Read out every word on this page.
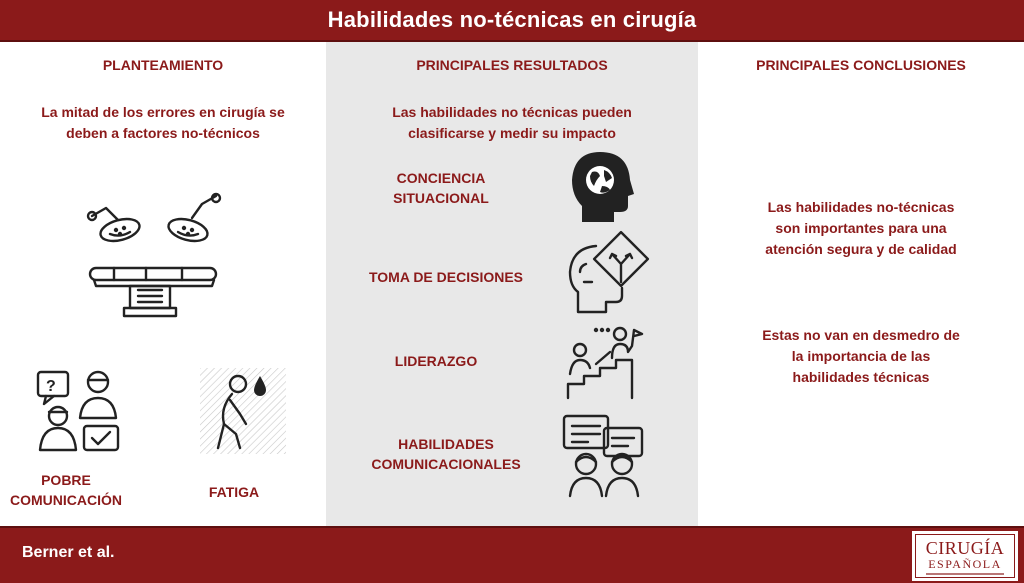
Habilidades no-técnicas en cirugía
PLANTEAMIENTO
La mitad de los errores en cirugía se
deben a factores no-técnicos
?
POBRE
COMUNICACIÓN	FATIGA
PRINCIPALES RESULTADOS
Las habilidades no técnicas pueden
clasificarse y medir su impacto
CONCIENCIA
SITUACIONAL
TOMA DE DECISIONES
LIDERAZGO
HABILIDADES
COMUNICACIONALES
PRINCIPALES CONCLUSIONES
Las habilidades no-técnicas
son importantes para una
atención segura y de calidad
Estas no van en desmedro de
la importancia de las
habilidades técnicas
Berner et al.	CIRUGÍA
ESPAÑOLA
